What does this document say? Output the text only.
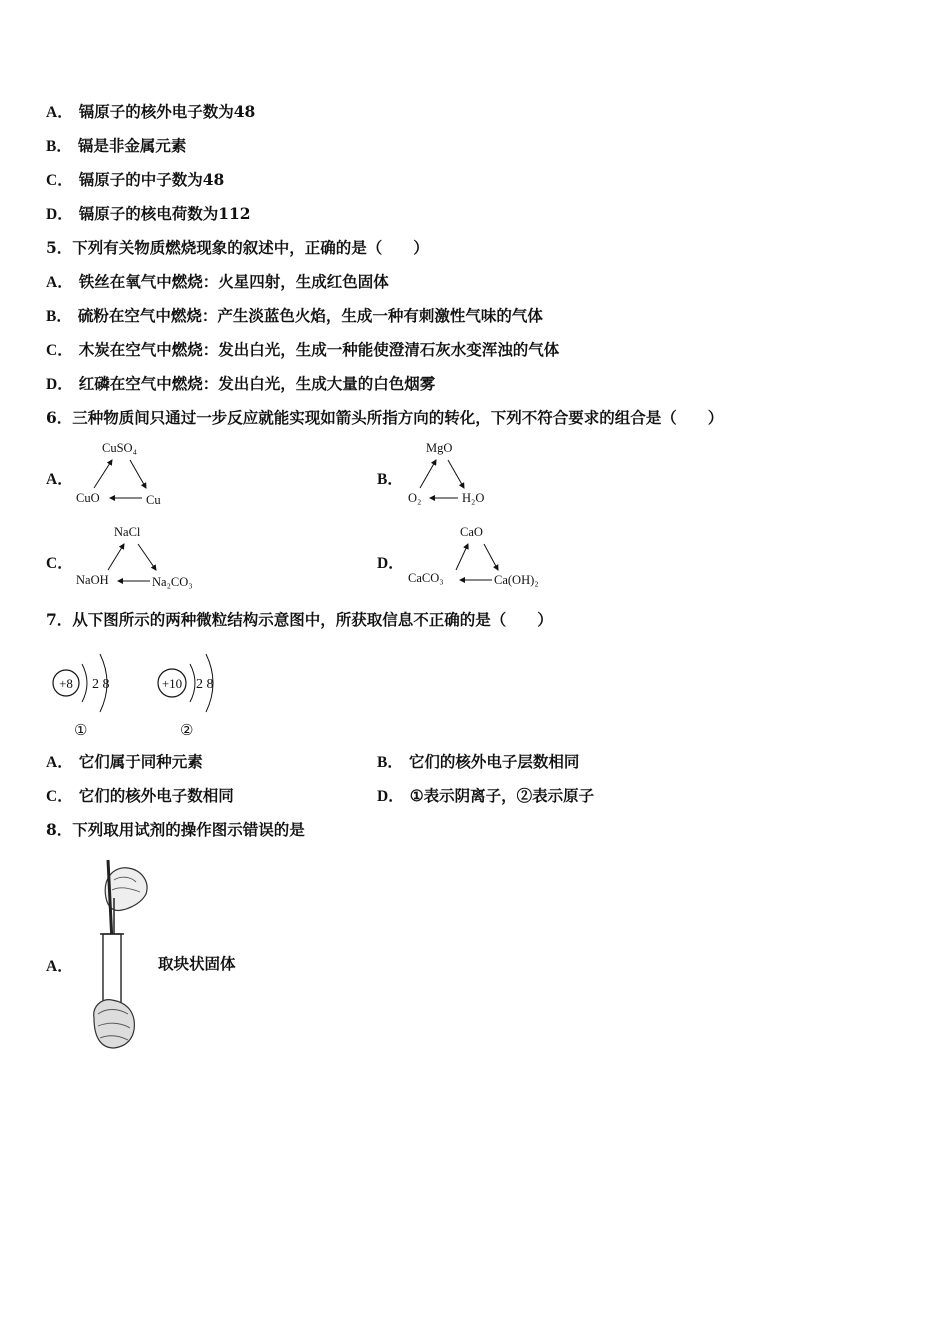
A． 镉原子的核外电子数为48
B． 镉是非金属元素
C． 镉原子的中子数为48
D． 镉原子的核电荷数为112
5．下列有关物质燃烧现象的叙述中，正确的是（　　）
A． 铁丝在氧气中燃烧：火星四射，生成红色固体
B． 硫粉在空气中燃烧：产生淡蓝色火焰，生成一种有刺激性气味的气体
C． 木炭在空气中燃烧：发出白光，生成一种能使澄清石灰水变浑浊的气体
D． 红磷在空气中燃烧：发出白光，生成大量的白色烟雾
6．三种物质间只通过一步反应就能实现如箭头所指方向的转化，下列不符合要求的组合是（　　）
A．
CuSO₄
CuO	Cu
B．
MgO
O₂	H₂O
C．
NaCl
NaOH	Na₂CO₃
D．
CaO
CaCO₃	Ca(OH)₂
7．从下图所示的两种微粒结构示意图中，所获取信息不正确的是（　　）
+8 2 8
①
+10 2 8
②
A． 它们属于同种元素	B． 它们的核外电子层数相同
C． 它们的核外电子数相同	D． ①表示阴离子，②表示原子
8．下列取用试剂的操作图示错误的是
A．	取块状固体
